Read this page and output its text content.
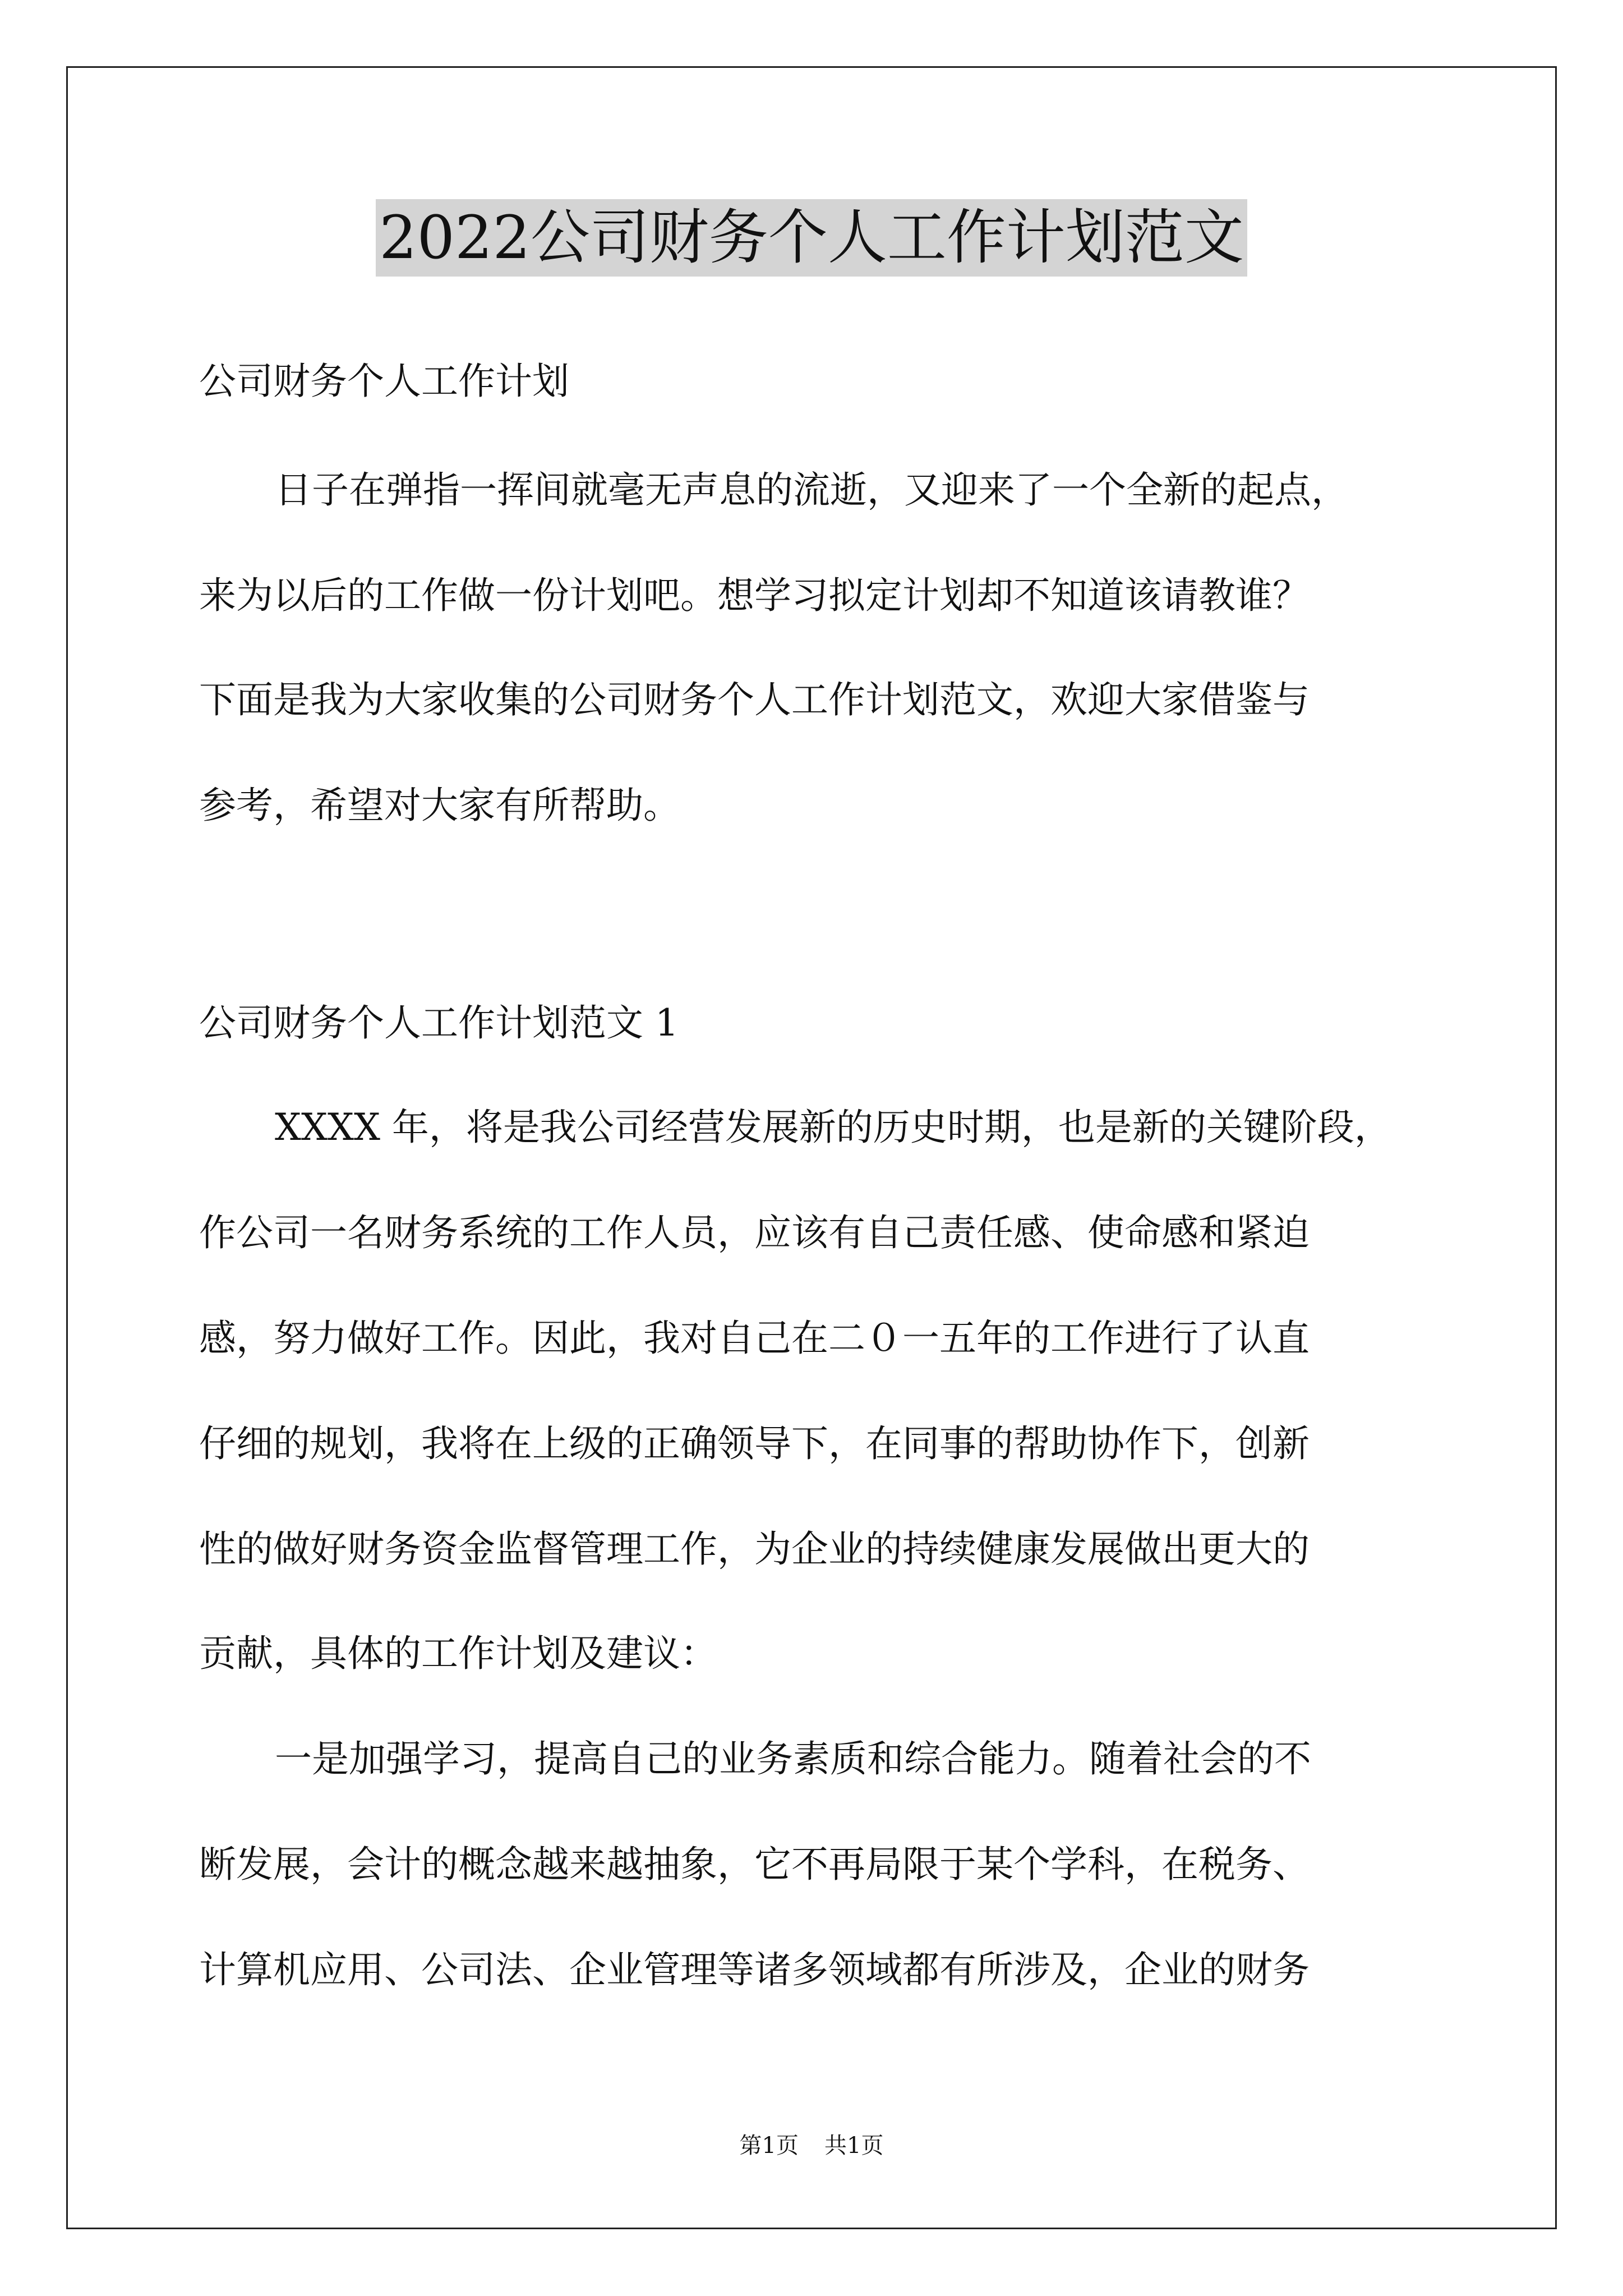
2022公司财务个人工作计划范文
公司财务个人工作计划
日子在弹指一挥间就毫无声息的流逝，又迎来了一个全新的起点，
来为以后的工作做一份计划吧。想学习拟定计划却不知道该请教谁？
下面是我为大家收集的公司财务个人工作计划范文，欢迎大家借鉴与
参考，希望对大家有所帮助。
公司财务个人工作计划范文 1
XXXX 年，将是我公司经营发展新的历史时期，也是新的关键阶段，
作公司一名财务系统的工作人员，应该有自己责任感、使命感和紧迫
感，努力做好工作。因此，我对自己在二０一五年的工作进行了认直
仔细的规划，我将在上级的正确领导下，在同事的帮助协作下，创新
性的做好财务资金监督管理工作，为企业的持续健康发展做出更大的
贡献，具体的工作计划及建议：
一是加强学习，提高自己的业务素质和综合能力。随着社会的不
断发展，会计的概念越来越抽象，它不再局限于某个学科，在税务、
计算机应用、公司法、企业管理等诸多领域都有所涉及，企业的财务
第1页 共1页
